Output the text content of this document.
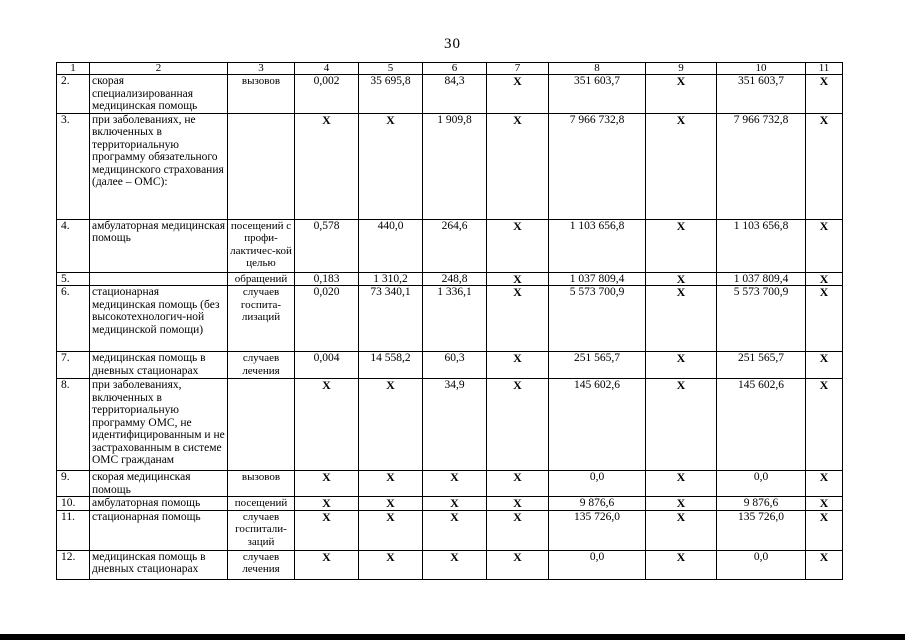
30
1	2	3	4	5	6	7	8	9	10	11
2.	скорая специализированная медицинская помощь	вызовов	0,002	35 695,8	84,3	Х	351 603,7	Х	351 603,7	Х
3.	при заболеваниях, не включенных в территориальную программу обязательного медицинского страхования (далее – ОМС):		Х	Х	1 909,8	Х	7 966 732,8	Х	7 966 732,8	Х
4.	амбулаторная медицинская помощь	посещений с профи-лактичес-кой целью	0,578	440,0	264,6	Х	1 103 656,8	Х	1 103 656,8	Х
5.		обращений	0,183	1 310,2	248,8	Х	1 037 809,4	Х	1 037 809,4	Х
6.	стационарная медицинская помощь (без высокотехнологич-ной медицинской помощи)	случаев госпита-лизаций	0,020	73 340,1	1 336,1	Х	5 573 700,9	Х	5 573 700,9	Х
7.	медицинская помощь в дневных стационарах	случаев лечения	0,004	14 558,2	60,3	Х	251 565,7	Х	251 565,7	Х
8.	при заболеваниях, включенных в территориальную программу ОМС, не идентифицированным и не застрахованным в системе ОМС гражданам		Х	Х	34,9	Х	145 602,6	Х	145 602,6	Х
9.	скорая медицинская помощь	вызовов	Х	Х	Х	Х	0,0	Х	0,0	Х
10.	амбулаторная помощь	посещений	Х	Х	Х	Х	9 876,6	Х	9 876,6	Х
11.	стационарная помощь	случаев госпитали-заций	Х	Х	Х	Х	135 726,0	Х	135 726,0	Х
12.	медицинская помощь в дневных стационарах	случаев лечения	Х	Х	Х	Х	0,0	Х	0,0	Х
